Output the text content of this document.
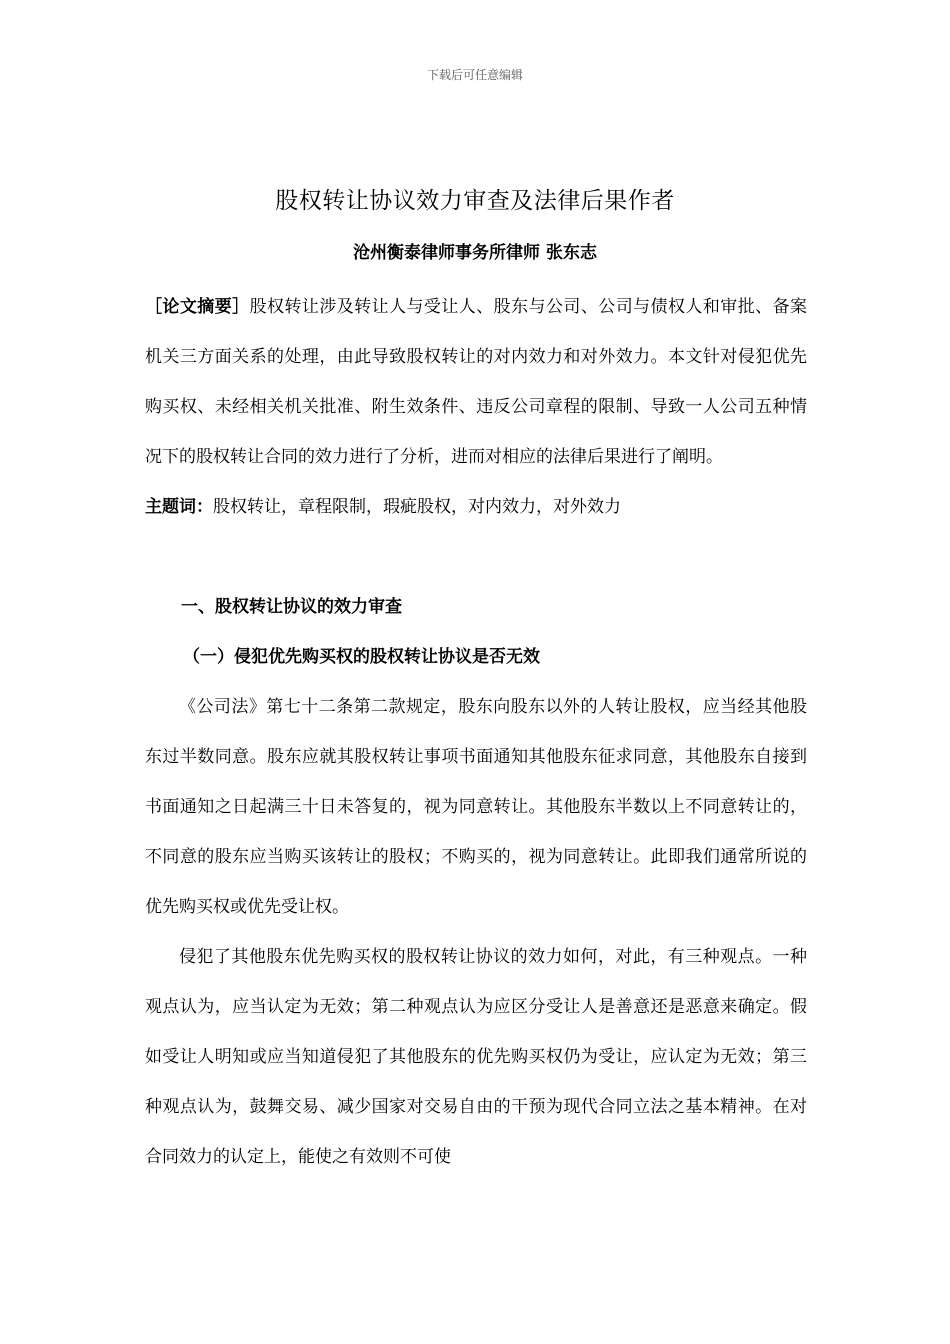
下载后可任意编辑
股权转让协议效力审查及法律后果作者
沧州衡泰律师事务所律师 张东志

［论文摘要］股权转让涉及转让人与受让人、股东与公司、公司与债权人和审批、备案机关三方面关系的处理，由此导致股权转让的对内效力和对外效力。本文针对侵犯优先购买权、未经相关机关批准、附生效条件、违反公司章程的限制、导致一人公司五种情况下的股权转让合同的效力进行了分析，进而对相应的法律后果进行了阐明。

主题词：股权转让，章程限制，瑕疵股权，对内效力，对外效力

一、股权转让协议的效力审查

（一）侵犯优先购买权的股权转让协议是否无效

《公司法》第七十二条第二款规定，股东向股东以外的人转让股权，应当经其他股东过半数同意。股东应就其股权转让事项书面通知其他股东征求同意，其他股东自接到书面通知之日起满三十日未答复的，视为同意转让。其他股东半数以上不同意转让的，不同意的股东应当购买该转让的股权；不购买的，视为同意转让。此即我们通常所说的优先购买权或优先受让权。

侵犯了其他股东优先购买权的股权转让协议的效力如何，对此，有三种观点。一种观点认为，应当认定为无效；第二种观点认为应区分受让人是善意还是恶意来确定。假如受让人明知或应当知道侵犯了其他股东的优先购买权仍为受让，应认定为无效；第三种观点认为，鼓舞交易、减少国家对交易自由的干预为现代合同立法之基本精神。在对合同效力的认定上，能使之有效则不可使
